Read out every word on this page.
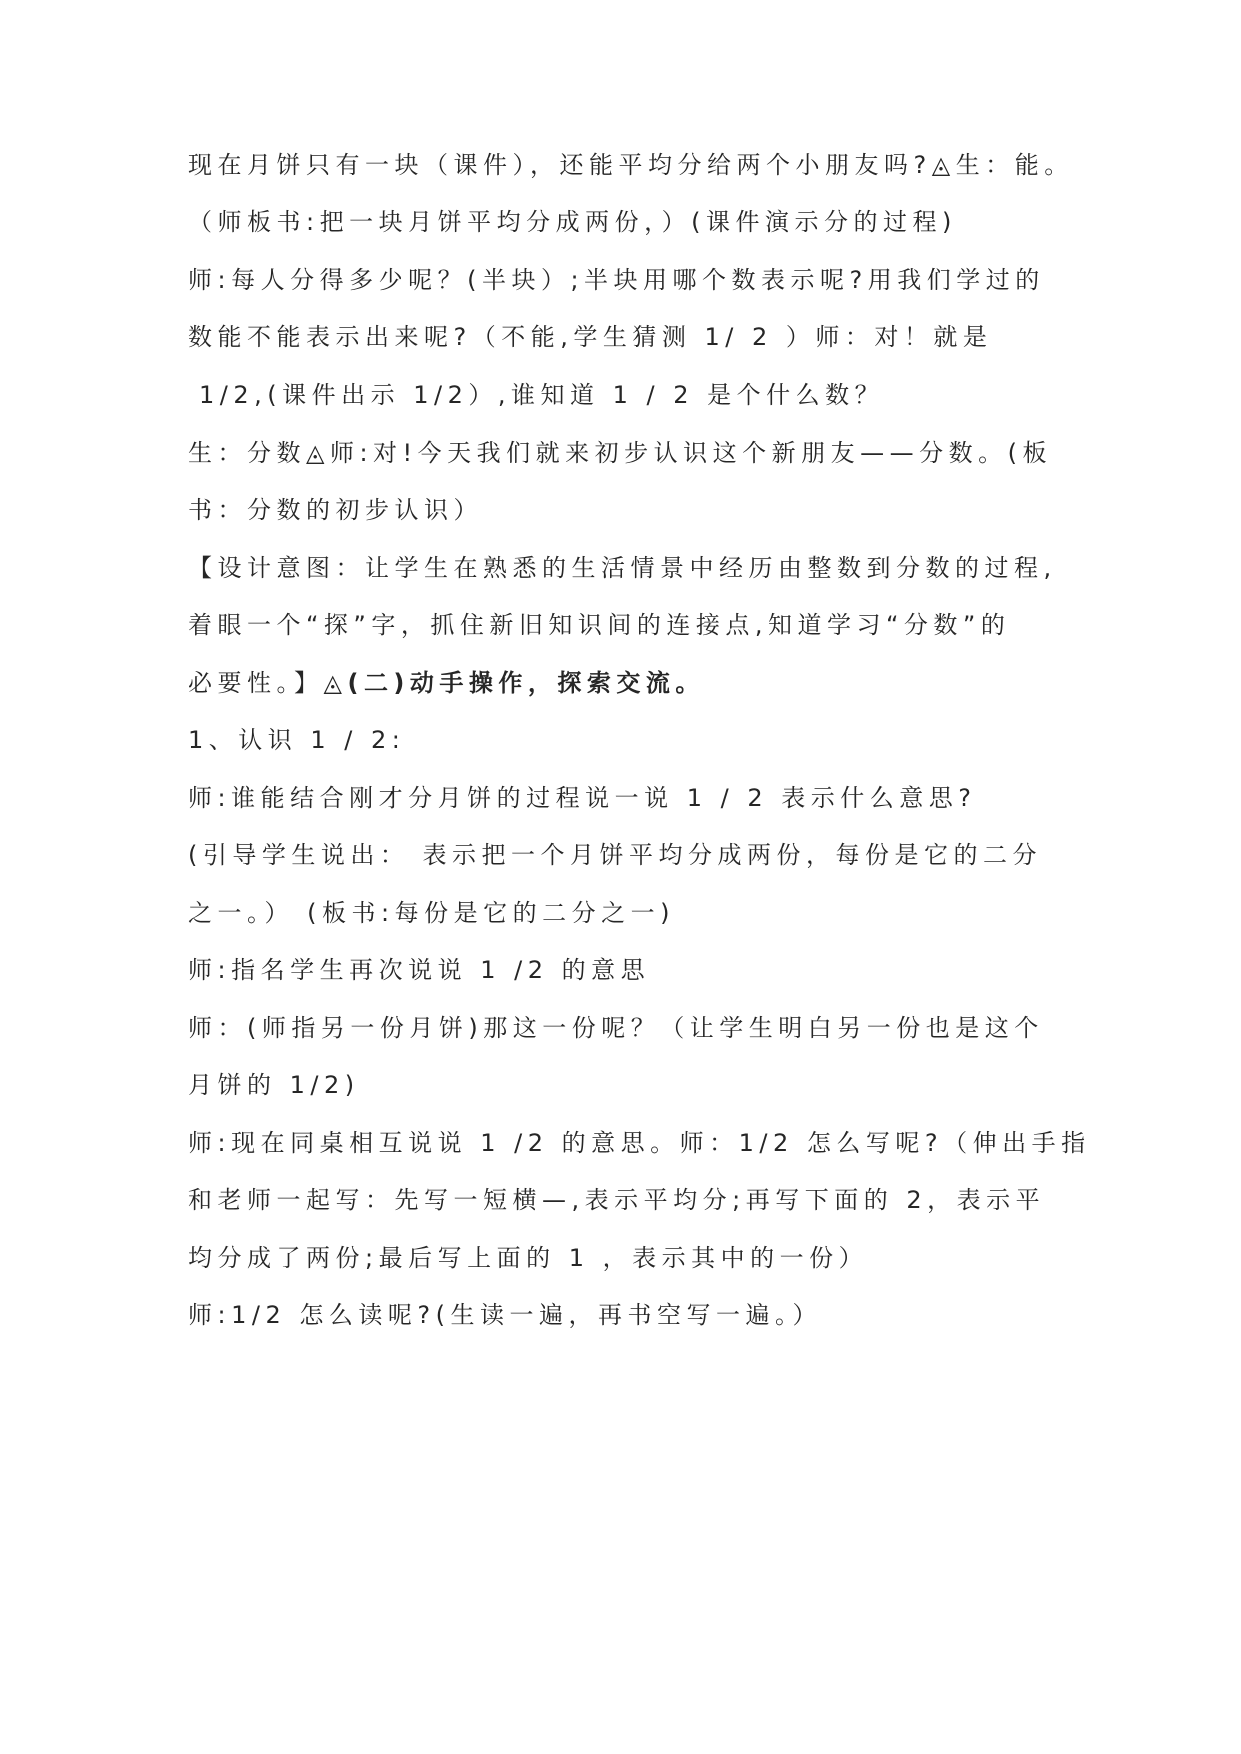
现在月饼只有一块（课件），还能平均分给两个小朋友吗?◬生：能。
（师板书:把一块月饼平均分成两份，）(课件演示分的过程)
师:每人分得多少呢？(半块）;半块用哪个数表示呢?用我们学过的
数能不能表示出来呢?（不能,学生猜测 1/ 2 ）师：对！就是
1/2,(课件出示 1/2）,谁知道 1 / 2 是个什么数？
生：分数◬师:对!今天我们就来初步认识这个新朋友——分数。(板
书：分数的初步认识）
【设计意图：让学生在熟悉的生活情景中经历由整数到分数的过程,
着眼一个“探”字，抓住新旧知识间的连接点,知道学习“分数”的
必要性。】◬(二)动手操作，探索交流。
1、认识 1 / 2:
师:谁能结合刚才分月饼的过程说一说 1 / 2 表示什么意思?
(引导学生说出： 表示把一个月饼平均分成两份，每份是它的二分
之一。） (板书:每份是它的二分之一)
师:指名学生再次说说 1 /2 的意思
师：(师指另一份月饼)那这一份呢？（让学生明白另一份也是这个
月饼的 1/2)
师:现在同桌相互说说 1 /2 的意思。师：1/2 怎么写呢?（伸出手指
和老师一起写：先写一短横—,表示平均分;再写下面的 2，表示平
均分成了两份;最后写上面的 1 ，表示其中的一份）
师:1/2 怎么读呢?(生读一遍，再书空写一遍。）
